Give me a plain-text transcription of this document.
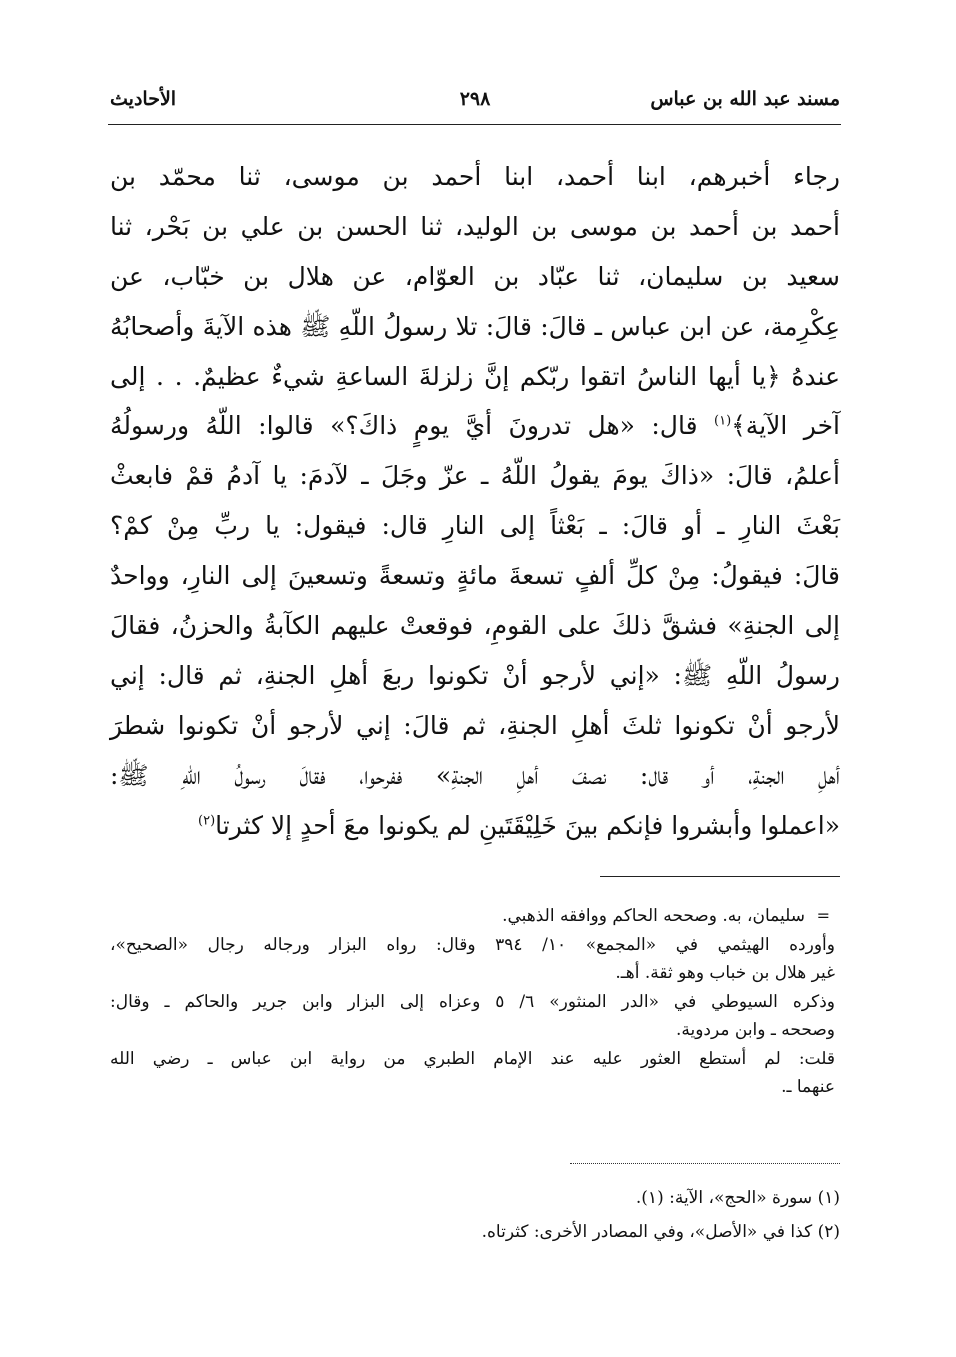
مسند عبد الله بن عباس
٢٩٨
الأحاديث
رجاء أخبرهم، ابنا أحمد، ابنا أحمد بن موسى، ثنا محمّد بن
أحمد بن أحمد بن موسى بن الوليد، ثنا الحسن بن علي بن بَحْر، ثنا
سعيد بن سليمان، ثنا عبّاد بن العوّام، عن هلال بن خبّاب، عن
عِكْرِمة، عن ابن عباس ـ قالَ: قالَ: تلا رسولُ اللّهِ ﷺ هذه الآيةَ وأصحابُهُ
عندهُ ﴿يا أيها الناسُ اتقوا ربّكم إنَّ زلزلةَ الساعةِ شيءٌ عظيمٌ. . . إلى
آخر الآية﴾$^{(١)}$ قال: «هل تدرونَ أيَّ يومٍ ذاكَ؟» قالوا: اللّهُ ورسولُهُ
أعلمُ، قالَ: «ذاكَ يومَ يقولُ اللّهُ ـ عزّ وجَلَ ـ لآدمَ: يا آدمُ قمْ فابعثْ
بَعْثَ النارِ ـ أو قالَ: ـ بَعْثاً إلى النارِ قال: فيقول: يا ربِّ مِنْ كمْ؟
قالَ: فيقولُ: مِنْ كلِّ ألفٍ تسعةَ مائةٍ وتسعةً وتسعينَ إلى النارِ، وواحدٌ
إلى الجنةِ» فشقَّ ذلكَ على القومِ، فوقعتْ عليهم الكآبةُ والحزنُ، فقالَ
رسولُ اللّهِ ﷺ: «إني لأرجو أنْ تكونوا ربعَ أهلِ الجنةِ، ثم قال: إني
لأرجو أنْ تكونوا ثلثَ أهلِ الجنةِ، ثم قالَ: إني لأرجو أنْ تكونوا شطرَ
أهلِ الجنةِ، أو قال: نصفَ أهلِ الجنةِ» ففرحوا، فقالَ رسولُ اللّهِ ﷺ:
«اعملوا وأبشروا فإنكم بينَ خَلِيْقَتَينِ لم يكونوا معَ أحدٍ إلا كثرتا$^{(٢)}$
=
سليمان، به. وصححه الحاكم ووافقه الذهبي.
وأورده الهيثمي في «المجمع» ١٠/ ٣٩٤ وقال: رواه البزار ورجاله رجال «الصحيح»،
غير هلال بن خباب وهو ثقة. أهـ.
وذكره السيوطي في «الدر المنثور» ٦/ ٥ وعزاه إلى البزار وابن جرير والحاكم ـ وقال:
وصححه ـ وابن مردوية.
قلت: لم أستطع العثور عليه عند الإمام الطبري من رواية ابن عباس ـ رضي الله
عنهما ـ.
(١) سورة «الحج»، الآية: (١).
(٢) كذا في «الأصل»، وفي المصادر الأخرى: كثرتاه.
